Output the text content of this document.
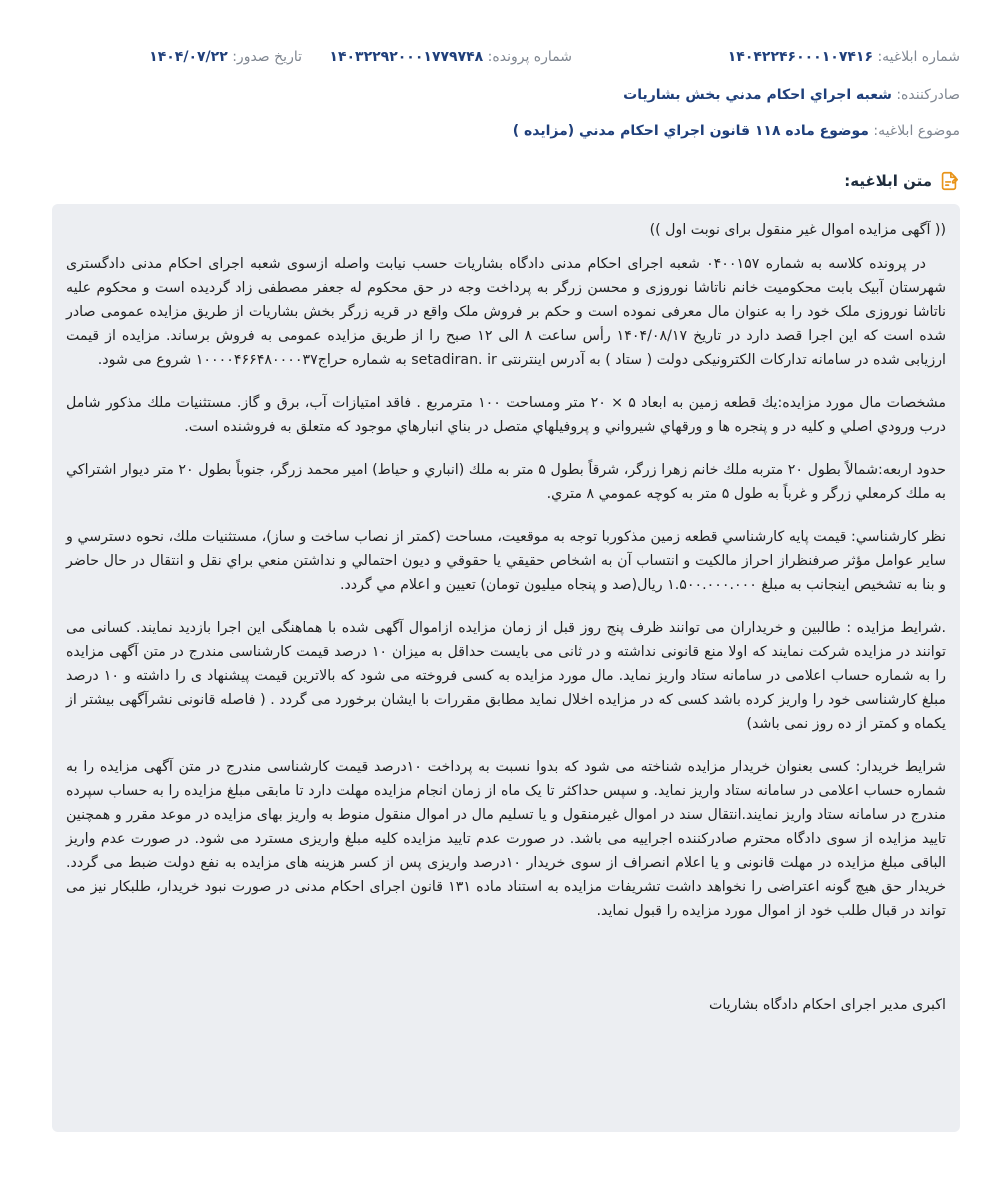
شماره ابلاغیه: ۱۴۰۴۲۲۴۶۰۰۰۱۰۷۴۱۶
شماره پرونده: ۱۴۰۳۲۲۹۲۰۰۰۱۷۷۹۷۴۸
تاریخ صدور: ۱۴۰۴/۰۷/۲۲
صادرکننده: شعبه اجراي احکام مدني بخش بشاريات
موضوع ابلاغیه: موضوع ماده ۱۱۸ قانون اجراي احکام مدني (مزايده )
متن ابلاغیه:

(( آگهی مزایده اموال غیر منقول برای نوبت اول ))

در پرونده کلاسه به شماره ۰۴۰۰۱۵۷ شعبه اجرای احکام مدنی دادگاه بشاریات حسب نیابت واصله ازسوی شعبه اجرای احکام مدنی دادگستری شهرستان آبیک بابت محکومیت خانم ناتاشا نوروزی و محسن زرگر به پرداخت وجه در حق محکوم له جعفر مصطفی زاد گردیده است و محکوم علیه ناتاشا نوروزی ملک خود را به عنوان مال معرفی نموده است و حکم بر فروش ملک واقع در قریه زرگر بخش بشاریات از طریق مزایده عمومی صادر شده است که این اجرا قصد دارد در تاریخ ۱۴۰۴/۰۸/۱۷ رأس ساعت ۸ الی ۱۲ صبح را از طریق مزایده عمومی به فروش برساند. مزایده از قیمت ارزیابی شده در سامانه تدارکات الکترونیکی دولت ( ستاد ) به آدرس اینترنتی setadiran. ir به شماره حراج۱۰۰۰۰۴۶۶۴۸۰۰۰۰۳۷ شروع می شود.

مشخصات مال مورد مزايده:يك قطعه زمين به ابعاد ۵ × ۲۰ متر ومساحت ۱۰۰ مترمربع . فاقد امتيازات آب، برق و گاز. مستثنيات ملك مذكور شامل درب ورودي اصلي و كليه در و پنجره ها و ورقهاي شيرواني و پروفيلهاي متصل در بناي انبارهاي موجود كه متعلق به فروشنده است.

حدود اربعه:شمالاً بطول ۲۰ متربه ملك خانم زهرا زرگر، شرقاً بطول ۵ متر به ملك (انباري و حياط) امير محمد زرگر، جنوباً بطول ۲۰ متر ديوار اشتراكي به ملك كرمعلي زرگر و غرباً به طول ۵ متر به كوچه عمومي ۸ متري.

نظر كارشناسي: قيمت پايه كارشناسي قطعه زمين مذكوربا توجه به موقعيت، مساحت (كمتر از نصاب ساخت و ساز)، مستثنيات ملك، نحوه دسترسي و ساير عوامل مؤثر صرفنظراز احراز مالكيت و انتساب آن به اشخاص حقيقي يا حقوقي و ديون احتمالي و نداشتن منعي براي نقل و انتقال در حال حاضر و بنا به تشخيص اينجانب به مبلغ ۱.۵۰۰.۰۰۰.۰۰۰ ريال(صد و پنجاه ميليون تومان) تعيين و اعلام مي گردد.

.شرایط مزایده : طالبین و خریداران می توانند ظرف پنج روز قبل از زمان مزایده ازاموال آگهی شده با هماهنگی این اجرا بازدید نمایند. کسانی می توانند در مزایده شرکت نمایند که اولا منع قانونی نداشته و در ثانی می بایست حداقل به میزان ۱۰ درصد قیمت کارشناسی مندرج در متن آگهی مزایده را به شماره حساب اعلامی در سامانه ستاد واریز نماید. مال مورد مزایده به کسی فروخته می شود که بالاترین قیمت پیشنهاد ی را داشته و ۱۰ درصد مبلغ کارشناسی خود را واریز کرده باشد کسی که در مزایده اخلال نماید مطابق مقررات با ایشان برخورد می گردد . ( فاصله قانونی نشرآگهی بیشتر از یکماه و کمتر از ده روز نمی باشد)

شرایط خریدار: کسی بعنوان خریدار مزایده شناخته می شود که بدوا نسبت به پرداخت ۱۰درصد قیمت کارشناسی مندرج در متن آگهی مزایده را به شماره حساب اعلامی در سامانه ستاد واریز نماید. و سپس حداکثر تا یک ماه از زمان انجام مزایده مهلت دارد تا مابقی مبلغ مزایده را به حساب سپرده مندرج در سامانه ستاد واریز نمایند.انتقال سند در اموال غیرمنقول و یا تسلیم مال در اموال منقول منوط به واریز بهای مزایده در موعد مقرر و همچنین تایید مزایده از سوی دادگاه محترم صادرکننده اجراییه می باشد. در صورت عدم تایید مزایده کلیه مبلغ واریزی مسترد می شود. در صورت عدم واریز الباقی مبلغ مزایده در مهلت قانونی و یا اعلام انصراف از سوی خریدار ۱۰درصد واریزی پس از کسر هزینه های مزایده به نفع دولت ضبط می گردد. خریدار حق هیچ گونه اعتراضی را نخواهد داشت تشریفات مزایده به استناد ماده ۱۳۱ قانون اجرای احکام مدنی در صورت نبود خریدار، طلبکار نیز می تواند در قبال طلب خود از اموال مورد مزایده را قبول نماید.

اکبری مدیر اجرای احکام دادگاه بشاریات
